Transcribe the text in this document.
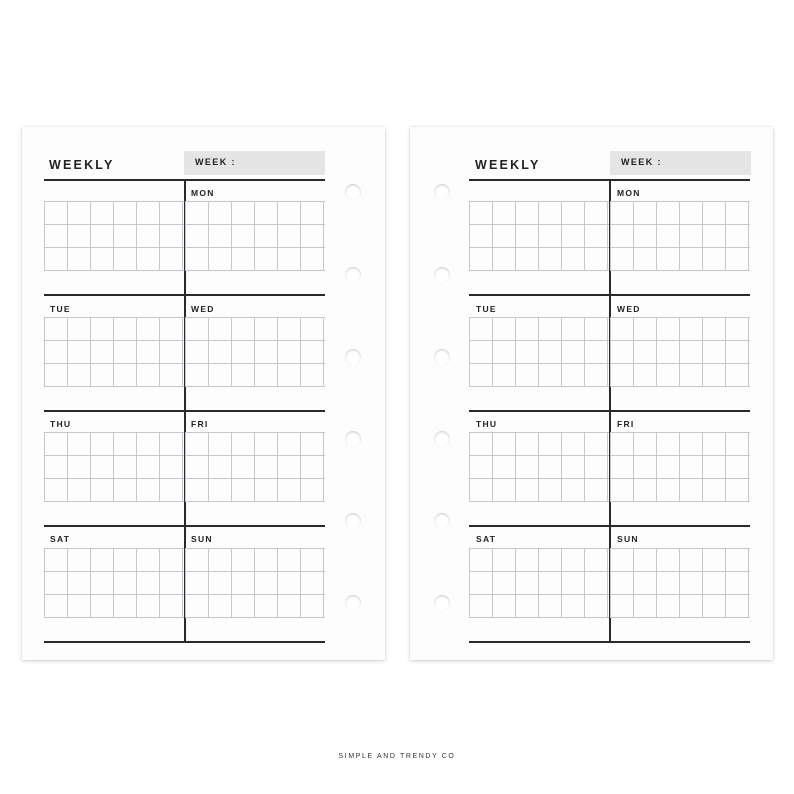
WEEKLY	WEEK :
MON
TUE	WED
THU	FRI
SAT	SUN
WEEKLY	WEEK :
MON
TUE	WED
THU	FRI
SAT	SUN
SIMPLE AND TRENDY CO
